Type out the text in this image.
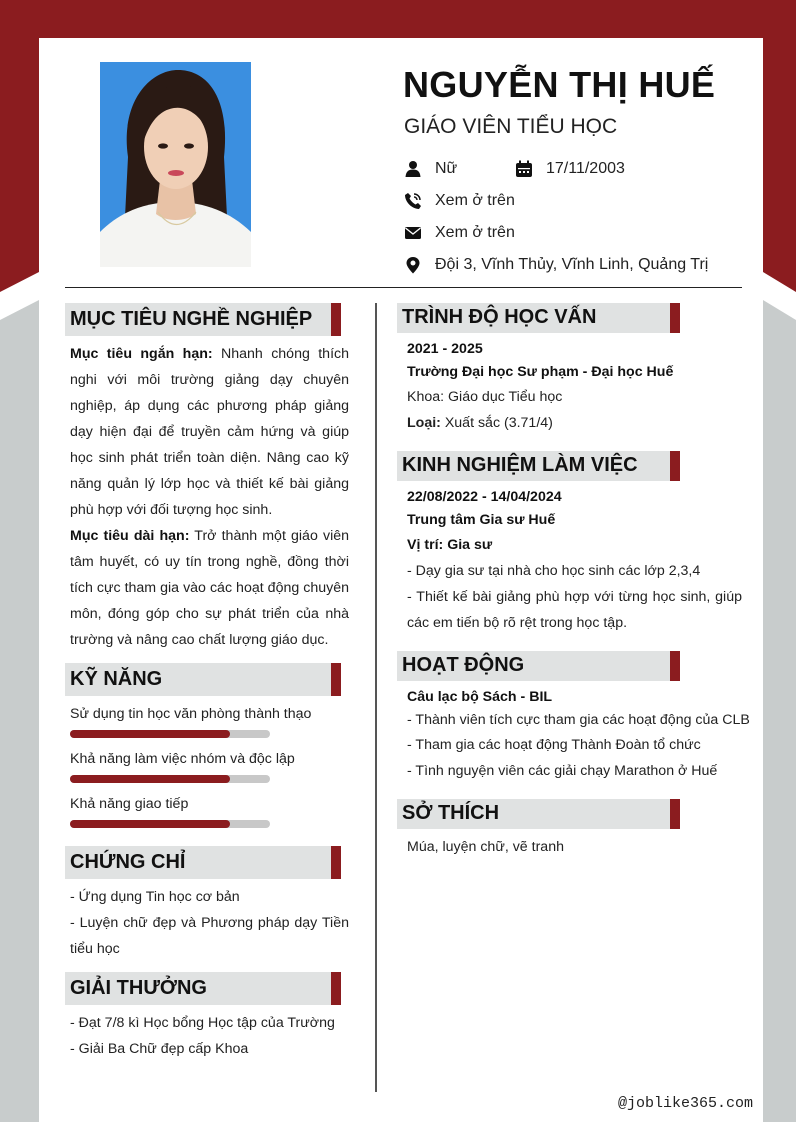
NGUYỄN THỊ HUẾ
GIÁO VIÊN TIỂU HỌC
Nữ	17/11/2003
Xem ở trên
Xem ở trên
Đội 3, Vĩnh Thủy, Vĩnh Linh, Quảng Trị
MỤC TIÊU NGHỀ NGHIỆP
Mục tiêu ngắn hạn: Nhanh chóng thích nghi với môi trường giảng dạy chuyên nghiệp, áp dụng các phương pháp giảng dạy hiện đại để truyền cảm hứng và giúp học sinh phát triển toàn diện. Nâng cao kỹ năng quản lý lớp học và thiết kế bài giảng phù hợp với đối tượng học sinh.
Mục tiêu dài hạn: Trở thành một giáo viên tâm huyết, có uy tín trong nghề, đồng thời tích cực tham gia vào các hoạt động chuyên môn, đóng góp cho sự phát triển của nhà trường và nâng cao chất lượng giáo dục.
KỸ NĂNG
Sử dụng tin học văn phòng thành thạo
Khả năng làm việc nhóm và độc lập
Khả năng giao tiếp
CHỨNG CHỈ
- Ứng dụng Tin học cơ bản
- Luyện chữ đẹp và Phương pháp dạy Tiền tiểu học
GIẢI THƯỞNG
- Đạt 7/8 kì Học bổng Học tập của Trường
- Giải Ba Chữ đẹp cấp Khoa
TRÌNH ĐỘ HỌC VẤN
2021 - 2025
Trường Đại học Sư phạm - Đại học Huế
Khoa: Giáo dục Tiểu học
Loại: Xuất sắc (3.71/4)
KINH NGHIỆM LÀM VIỆC
22/08/2022 - 14/04/2024
Trung tâm Gia sư Huế
Vị trí: Gia sư
- Dạy gia sư tại nhà cho học sinh các lớp 2,3,4
- Thiết kế bài giảng phù hợp với từng học sinh, giúp các em tiến bộ rõ rệt trong học tập.
HOẠT ĐỘNG
Câu lạc bộ Sách - BIL
- Thành viên tích cực tham gia các hoạt động của CLB
- Tham gia các hoạt động Thành Đoàn tổ chức
- Tình nguyện viên các giải chạy Marathon ở Huế
SỞ THÍCH
Múa, luyện chữ, vẽ tranh
@joblike365.com
